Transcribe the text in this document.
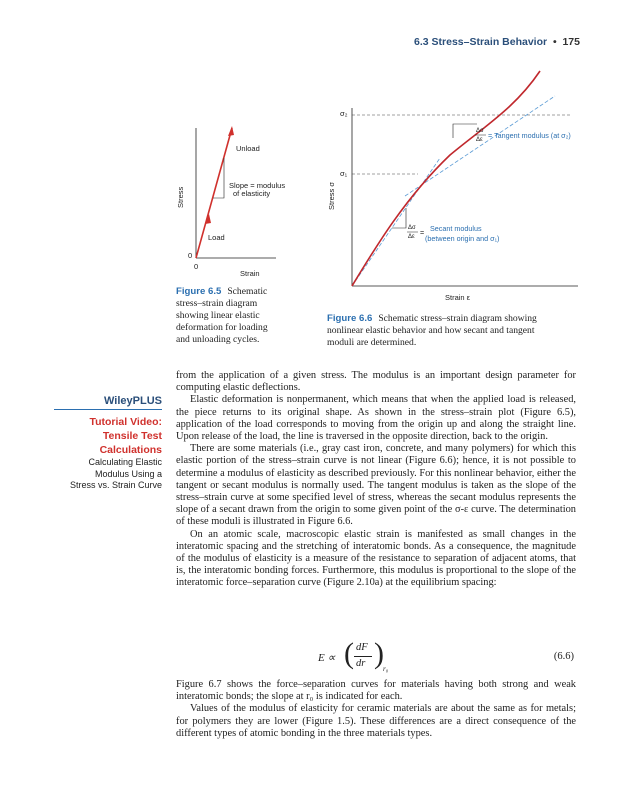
6.3 Stress–Strain Behavior • 175
Unload
Slope = modulus
of elasticity
Load
0
0
Strain
Stress
Figure 6.5 Schematic
stress–strain diagram
showing linear elastic
deformation for loading
and unloading cycles.
σ₂
σ₁
Δσ
Δε = Tangent modulus (at σ₂)
Δσ
Δε = Secant modulus
(between origin and σ₁)
Strain ε
Stress σ
Figure 6.6 Schematic stress–strain diagram showing
nonlinear elastic behavior and how secant and tangent
moduli are determined.
WileyPLUS
Tutorial Video:
Tensile Test
Calculations
Calculating Elastic
Modulus Using a
Stress vs. Strain Curve

from the application of a given stress. The modulus is an important design parameter for computing elastic deflections.

Elastic deformation is nonpermanent, which means that when the applied load is released, the piece returns to its original shape. As shown in the stress–strain plot (Figure 6.5), application of the load corresponds to moving from the origin up and along the straight line. Upon release of the load, the line is traversed in the opposite direction, back to the origin.

There are some materials (i.e., gray cast iron, concrete, and many polymers) for which this elastic portion of the stress–strain curve is not linear (Figure 6.6); hence, it is not possible to determine a modulus of elasticity as described previously. For this nonlinear behavior, either the tangent or secant modulus is normally used. The tangent modulus is taken as the slope of the stress–strain curve at some specified level of stress, whereas the secant modulus represents the slope of a secant drawn from the origin to some given point of the σ-ε curve. The determination of these moduli is illustrated in Figure 6.6.

On an atomic scale, macroscopic elastic strain is manifested as small changes in the interatomic spacing and the stretching of interatomic bonds. As a consequence, the magnitude of the modulus of elasticity is a measure of the resistance to separation of adjacent atoms, that is, the interatomic bonding forces. Furthermore, this modulus is proportional to the slope of the interatomic force–separation curve (Figure 2.10a) at the equilibrium spacing:

E ∝ ( dF
dr ) r₀
(6.6)

Figure 6.7 shows the force–separation curves for materials having both strong and weak interatomic bonds; the slope at r₀ is indicated for each.

Values of the modulus of elasticity for ceramic materials are about the same as for metals; for polymers they are lower (Figure 1.5). These differences are a direct consequence of the different types of atomic bonding in the three materials types.
